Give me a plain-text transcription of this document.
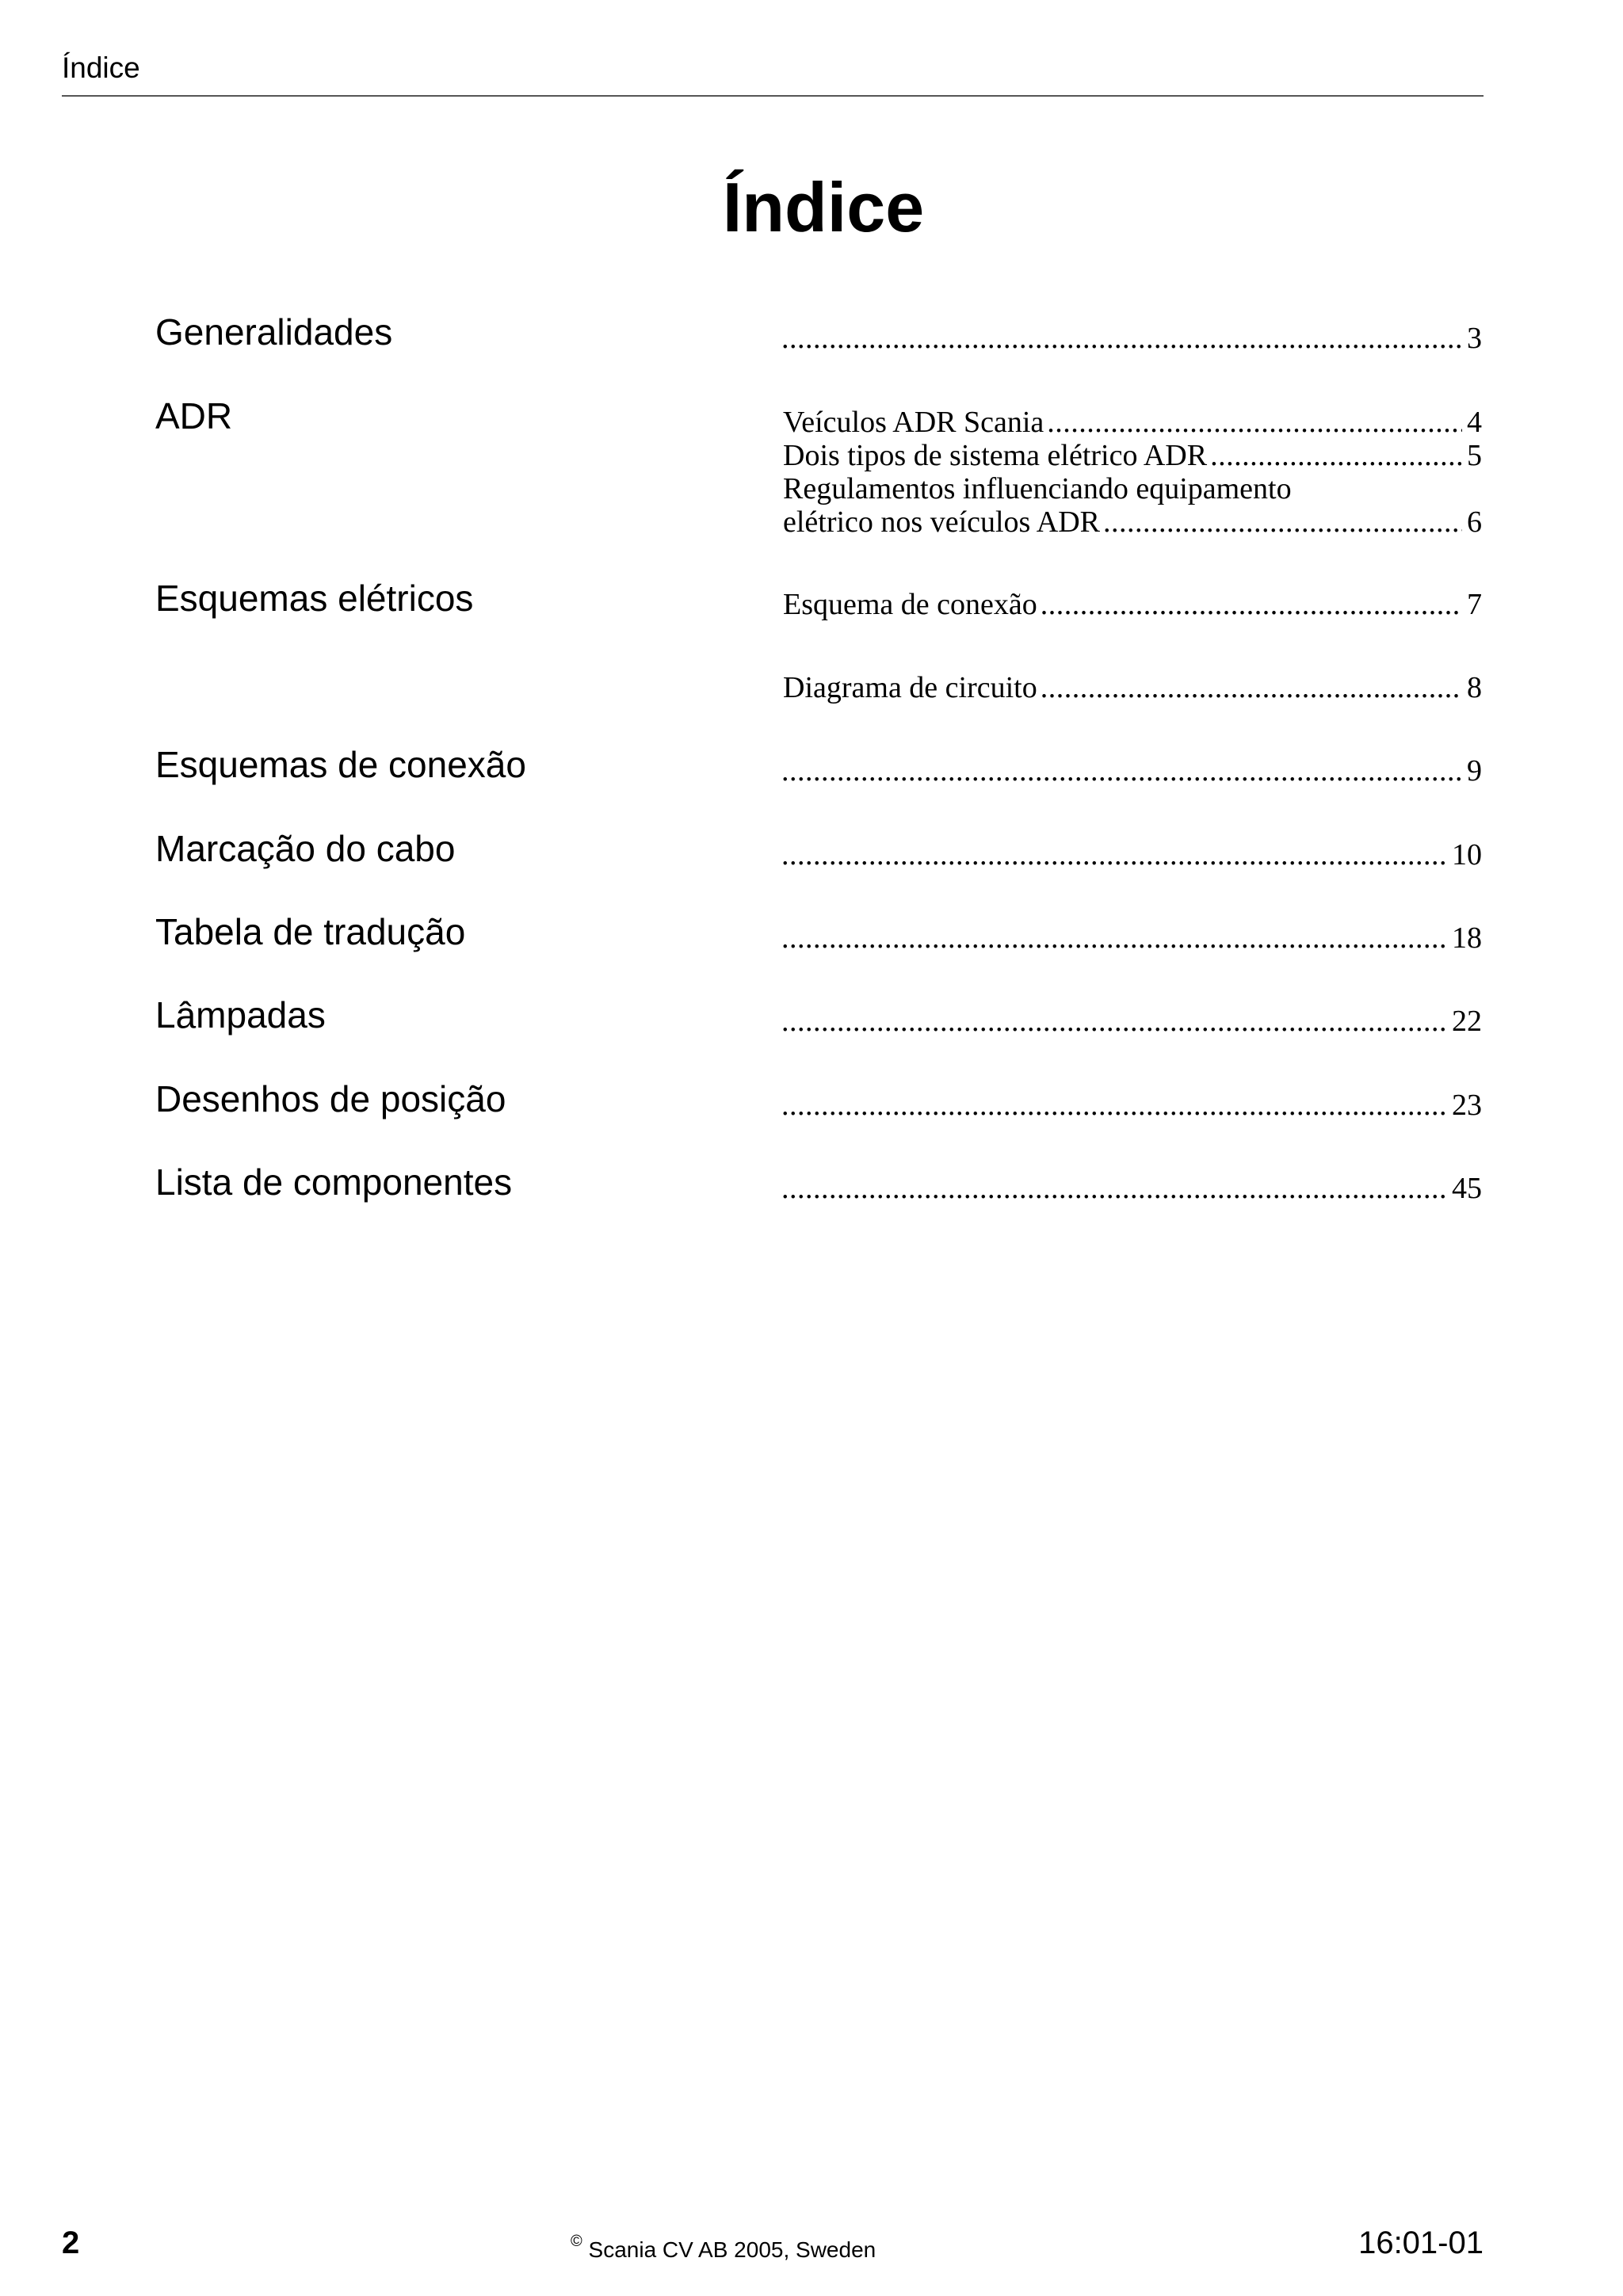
Índice
Índice
Generalidades .....	3
ADR	Veículos ADR Scania .....	4
Dois tipos de sistema elétrico ADR .....	5
Regulamentos influenciando equipamento
elétrico nos veículos ADR .....	6
Esquemas elétricos	Esquema de conexão .....	7
Diagrama de circuito .....	8
Esquemas de conexão .....	9
Marcação do cabo .....	10
Tabela de tradução .....	18
Lâmpadas .....	22
Desenhos de posição .....	23
Lista de componentes .....	45
2	© Scania CV AB 2005, Sweden	16:01-01
